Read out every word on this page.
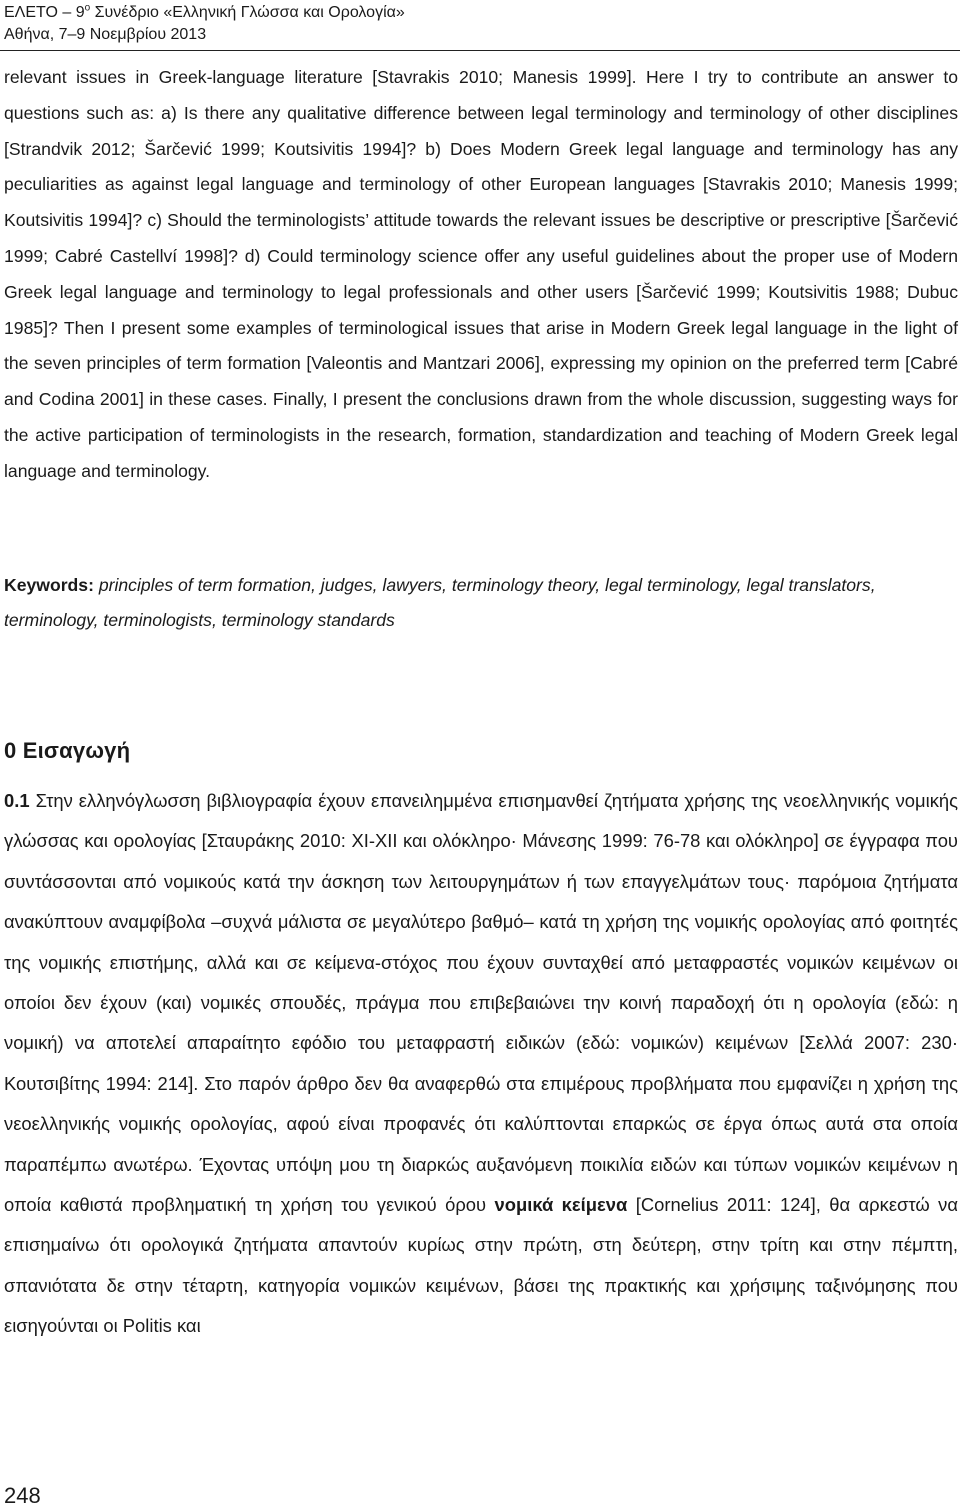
ΕΛΕΤΟ – $9^o$ Συνέδριο «Ελληνική Γλώσσα και Ορολογία»
Αθήνα, 7–9 Νοεμβρίου 2013

relevant issues in Greek-language literature [Stavrakis 2010; Manesis 1999]. Here I try to contribute an answer to questions such as: a) Is there any qualitative difference between legal terminology and terminology of other disciplines [Strandvik 2012; Šarčević 1999; Koutsivitis 1994]? b) Does Modern Greek legal language and terminology has any peculiarities as against legal language and terminology of other European languages [Stavrakis 2010; Manesis 1999; Koutsivitis 1994]? c) Should the terminologists’ attitude towards the relevant issues be descriptive or prescriptive [Šarčević 1999; Cabré Castellví 1998]? d) Could terminology science offer any useful guidelines about the proper use of Modern Greek legal language and terminology to legal professionals and other users [Šarčević 1999; Koutsivitis 1988; Dubuc 1985]? Then I present some examples of terminological issues that arise in Modern Greek legal language in the light of the seven principles of term formation [Valeontis and Mantzari 2006], expressing my opinion on the preferred term [Cabré and Codina 2001] in these cases. Finally, I present the conclusions drawn from the whole discussion, suggesting ways for the active participation of terminologists in the research, formation, standardization and teaching of Modern Greek legal language and terminology.

Keywords: principles of term formation, judges, lawyers, terminology theory, legal terminology, legal translators, terminology, terminologists, terminology standards
0 Εισαγωγή

0.1 Στην ελληνόγλωσση βιβλιογραφία έχουν επανειλημμένα επισημανθεί ζητήματα χρήσης της νεοελληνικής νομικής γλώσσας και ορολογίας [Σταυράκης 2010: XI-XII και ολόκληρο· Μάνεσης 1999: 76-78 και ολόκληρο] σε έγγραφα που συντάσσονται από νομικούς κατά την άσκηση των λειτουργημάτων ή των επαγγελμάτων τους· παρόμοια ζητήματα ανακύπτουν αναμφίβολα –συχνά μάλιστα σε μεγαλύτερο βαθμό– κατά τη χρήση της νομικής ορολογίας από φοιτητές της νομικής επιστήμης, αλλά και σε κείμενα-στόχος που έχουν συνταχθεί από μεταφραστές νομικών κειμένων οι οποίοι δεν έχουν (και) νομικές σπουδές, πράγμα που επιβεβαιώνει την κοινή παραδοχή ότι η ορολογία (εδώ: η νομική) να αποτελεί απαραίτητο εφόδιο του μεταφραστή ειδικών (εδώ: νομικών) κειμένων [Σελλά 2007: 230· Κουτσιβίτης 1994: 214]. Στο παρόν άρθρο δεν θα αναφερθώ στα επιμέρους προβλήματα που εμφανίζει η χρήση της νεοελληνικής νομικής ορολογίας, αφού είναι προφανές ότι καλύπτονται επαρκώς σε έργα όπως αυτά στα οποία παραπέμπω ανωτέρω. Έχοντας υπόψη μου τη διαρκώς αυξανόμενη ποικιλία ειδών και τύπων νομικών κειμένων η οποία καθιστά προβληματική τη χρήση του γενικού όρου νομικά κείμενα [Cornelius 2011: 124], θα αρκεστώ να επισημαίνω ότι ορολογικά ζητήματα απαντούν κυρίως στην πρώτη, στη δεύτερη, στην τρίτη και στην πέμπτη, σπανιότατα δε στην τέταρτη, κατηγορία νομικών κειμένων, βάσει της πρακτικής και χρήσιμης ταξινόμησης που εισηγούνται οι Politis και

248
